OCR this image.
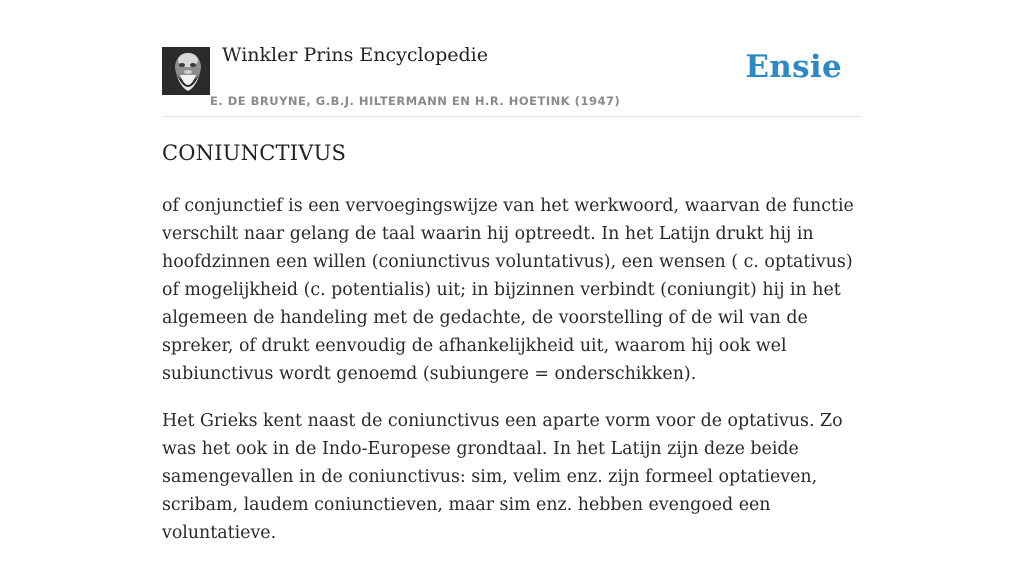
Winkler Prins Encyclopedie
E. DE BRUYNE, G.B.J. HILTERMANN EN H.R. HOETINK (1947)
Ensie
CONIUNCTIVUS

of conjunctief is een vervoegingswijze van het werkwoord, waarvan de functie verschilt naar gelang de taal waarin hij optreedt. In het Latijn drukt hij in hoofdzinnen een willen (coniunctivus voluntativus), een wensen ( c. optativus) of mogelijkheid (c. potentialis) uit; in bijzinnen verbindt (coniungit) hij in het algemeen de handeling met de gedachte, de voorstelling of de wil van de spreker, of drukt eenvoudig de afhankelijkheid uit, waarom hij ook wel subiunctivus wordt genoemd (subiungere = onderschikken).

Het Grieks kent naast de coniunctivus een aparte vorm voor de optativus. Zo was het ook in de Indo-Europese grondtaal. In het Latijn zijn deze beide samengevallen in de coniunctivus: sim, velim enz. zijn formeel optatieven, scribam, laudem coniunctieven, maar sim enz. hebben evengoed een voluntatieve.
